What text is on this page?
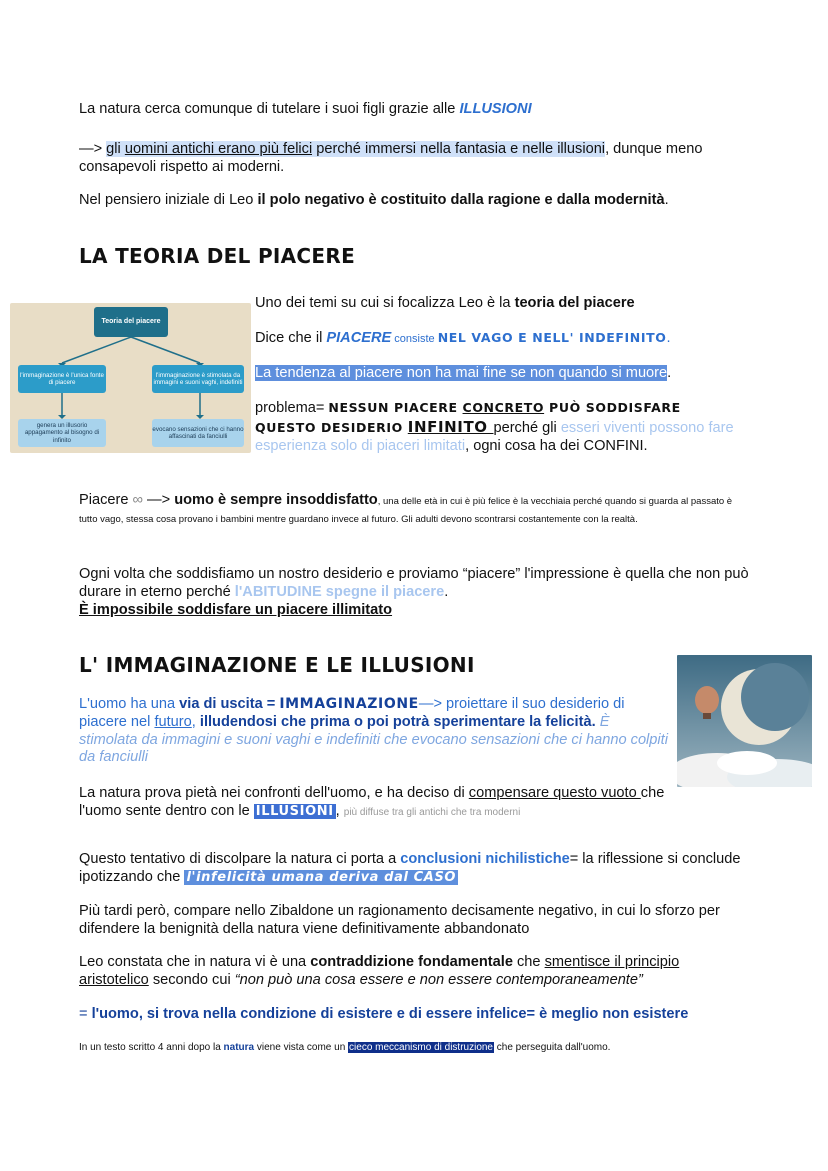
La natura cerca comunque di tutelare i suoi figli grazie alle ILLUSIONI

—> gli uomini antichi erano più felici perché immersi nella fantasia e nelle illusioni, dunque meno consapevoli rispetto ai moderni.

Nel pensiero iniziale di Leo il polo negativo è costituito dalla ragione e dalla modernità.

LA TEORIA DEL PIACERE
Teoria del piacere
l'immaginazione è l'unica fonte di piacere
l'immaginazione è stimolata da immagini e suoni vaghi, indefiniti
genera un illusorio appagamento al bisogno di infinito
evocano sensazioni che ci hanno affascinati da fanciulli

Uno dei temi su cui si focalizza Leo è la teoria del piacere

Dice che il PIACERE consiste NEL VAGO E NELL' INDEFINITO.

La tendenza al piacere non ha mai fine se non quando si muore.

problema= NESSUN PIACERE CONCRETO PUÒ SODDISFARE QUESTO DESIDERIO INFINITO perché gli esseri viventi possono fare esperienza solo di piaceri limitati, ogni cosa ha dei CONFINI.

Piacere ∞ —> uomo è sempre insoddisfatto, una delle età in cui è più felice è la vecchiaia perché quando si guarda al passato è tutto vago, stessa cosa provano i bambini mentre guardano invece al futuro. Gli adulti devono scontrarsi costantemente con la realtà.

Ogni volta che soddisfiamo un nostro desiderio e proviamo “piacere” l'impressione è quella che non può durare in eterno perché l'ABITUDINE spegne il piacere.
È impossibile soddisfare un piacere illimitato

L' IMMAGINAZIONE E LE ILLUSIONI

L'uomo ha una via di uscita = IMMAGINAZIONE—> proiettare il suo desiderio di piacere nel futuro, illudendosi che prima o poi potrà sperimentare la felicità. È stimolata da immagini e suoni vaghi e indefiniti che evocano sensazioni che ci hanno colpiti da fanciulli

La natura prova pietà nei confronti dell'uomo, e ha deciso di compensare questo vuoto che l'uomo sente dentro con le ILLUSIONI , più diffuse tra gli antichi che tra moderni

Questo tentativo di discolpare la natura ci porta a conclusioni nichilistiche= la riflessione si conclude ipotizzando che l'infelicità umana deriva dal CASO

Più tardi però, compare nello Zibaldone un ragionamento decisamente negativo, in cui lo sforzo per difendere la benignità della natura viene definitivamente abbandonato

Leo constata che in natura vi è una contraddizione fondamentale che smentisce il principio aristotelico secondo cui “non può una cosa essere e non essere contemporaneamente”

= l'uomo, si trova nella condizione di esistere e di essere infelice= è meglio non esistere

In un testo scritto 4 anni dopo la natura viene vista come un cieco meccanismo di distruzione che perseguita dall'uomo.
